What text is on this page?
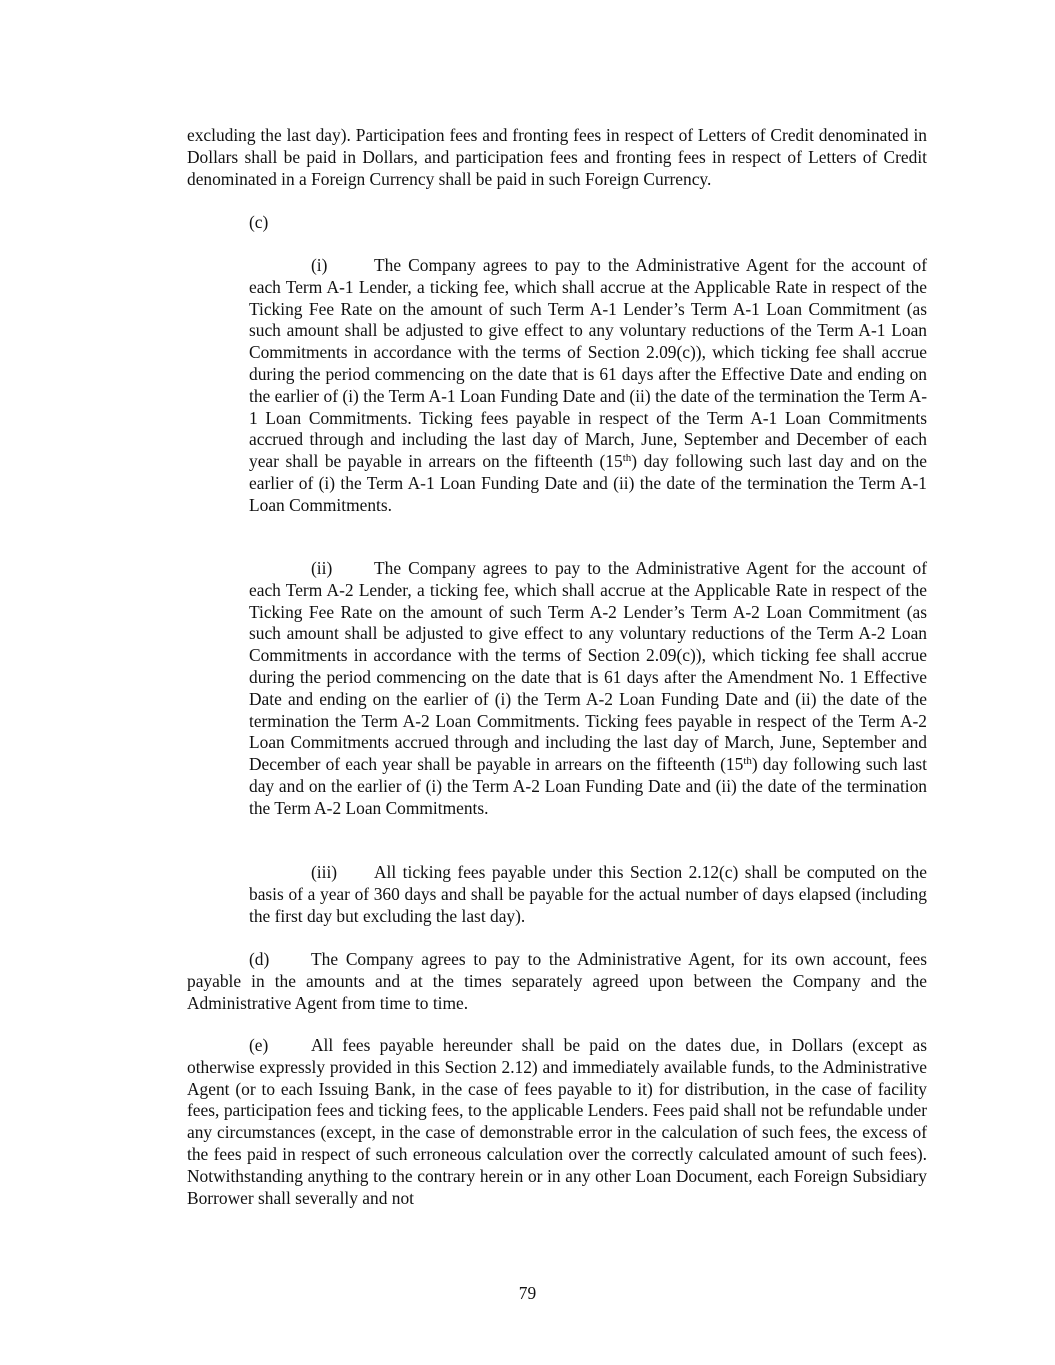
excluding the last day). Participation fees and fronting fees in respect of Letters of Credit denominated in Dollars shall be paid in Dollars, and participation fees and fronting fees in respect of Letters of Credit denominated in a Foreign Currency shall be paid in such Foreign Currency.

(c)

(i)	The Company agrees to pay to the Administrative Agent for the account of each Term A-1 Lender, a ticking fee, which shall accrue at the Applicable Rate in respect of the Ticking Fee Rate on the amount of such Term A-1 Lender’s Term A-1 Loan Commitment (as such amount shall be adjusted to give effect to any voluntary reductions of the Term A-1 Loan Commitments in accordance with the terms of Section 2.09(c)), which ticking fee shall accrue during the period commencing on the date that is 61 days after the Effective Date and ending on the earlier of (i) the Term A-1 Loan Funding Date and (ii) the date of the termination the Term A-1 Loan Commitments. Ticking fees payable in respect of the Term A-1 Loan Commitments accrued through and including the last day of March, June, September and December of each year shall be payable in arrears on the fifteenth (15th) day following such last day and on the earlier of (i) the Term A-1 Loan Funding Date and (ii) the date of the termination the Term A-1 Loan Commitments.

(ii) The Company agrees to pay to the Administrative Agent for the account of each Term A-2 Lender, a ticking fee, which shall accrue at the Applicable Rate in respect of the Ticking Fee Rate on the amount of such Term A-2 Lender’s Term A-2 Loan Commitment (as such amount shall be adjusted to give effect to any voluntary reductions of the Term A-2 Loan Commitments in accordance with the terms of Section 2.09(c)), which ticking fee shall accrue during the period commencing on the date that is 61 days after the Amendment No. 1 Effective Date and ending on the earlier of (i) the Term A-2 Loan Funding Date and (ii) the date of the termination the Term A-2 Loan Commitments. Ticking fees payable in respect of the Term A-2 Loan Commitments accrued through and including the last day of March, June, September and December of each year shall be payable in arrears on the fifteenth (15th) day following such last day and on the earlier of (i) the Term A-2 Loan Funding Date and (ii) the date of the termination the Term A-2 Loan Commitments.

(iii) All ticking fees payable under this Section 2.12(c) shall be computed on the basis of a year of 360 days and shall be payable for the actual number of days elapsed (including the first day but excluding the last day).

(d) The Company agrees to pay to the Administrative Agent, for its own account, fees payable in the amounts and at the times separately agreed upon between the Company and the Administrative Agent from time to time.

(e) All fees payable hereunder shall be paid on the dates due, in Dollars (except as otherwise expressly provided in this Section 2.12) and immediately available funds, to the Administrative Agent (or to each Issuing Bank, in the case of fees payable to it) for distribution, in the case of facility fees, participation fees and ticking fees, to the applicable Lenders. Fees paid shall not be refundable under any circumstances (except, in the case of demonstrable error in the calculation of such fees, the excess of the fees paid in respect of such erroneous calculation over the correctly calculated amount of such fees). Notwithstanding anything to the contrary herein or in any other Loan Document, each Foreign Subsidiary Borrower shall severally and not

79
